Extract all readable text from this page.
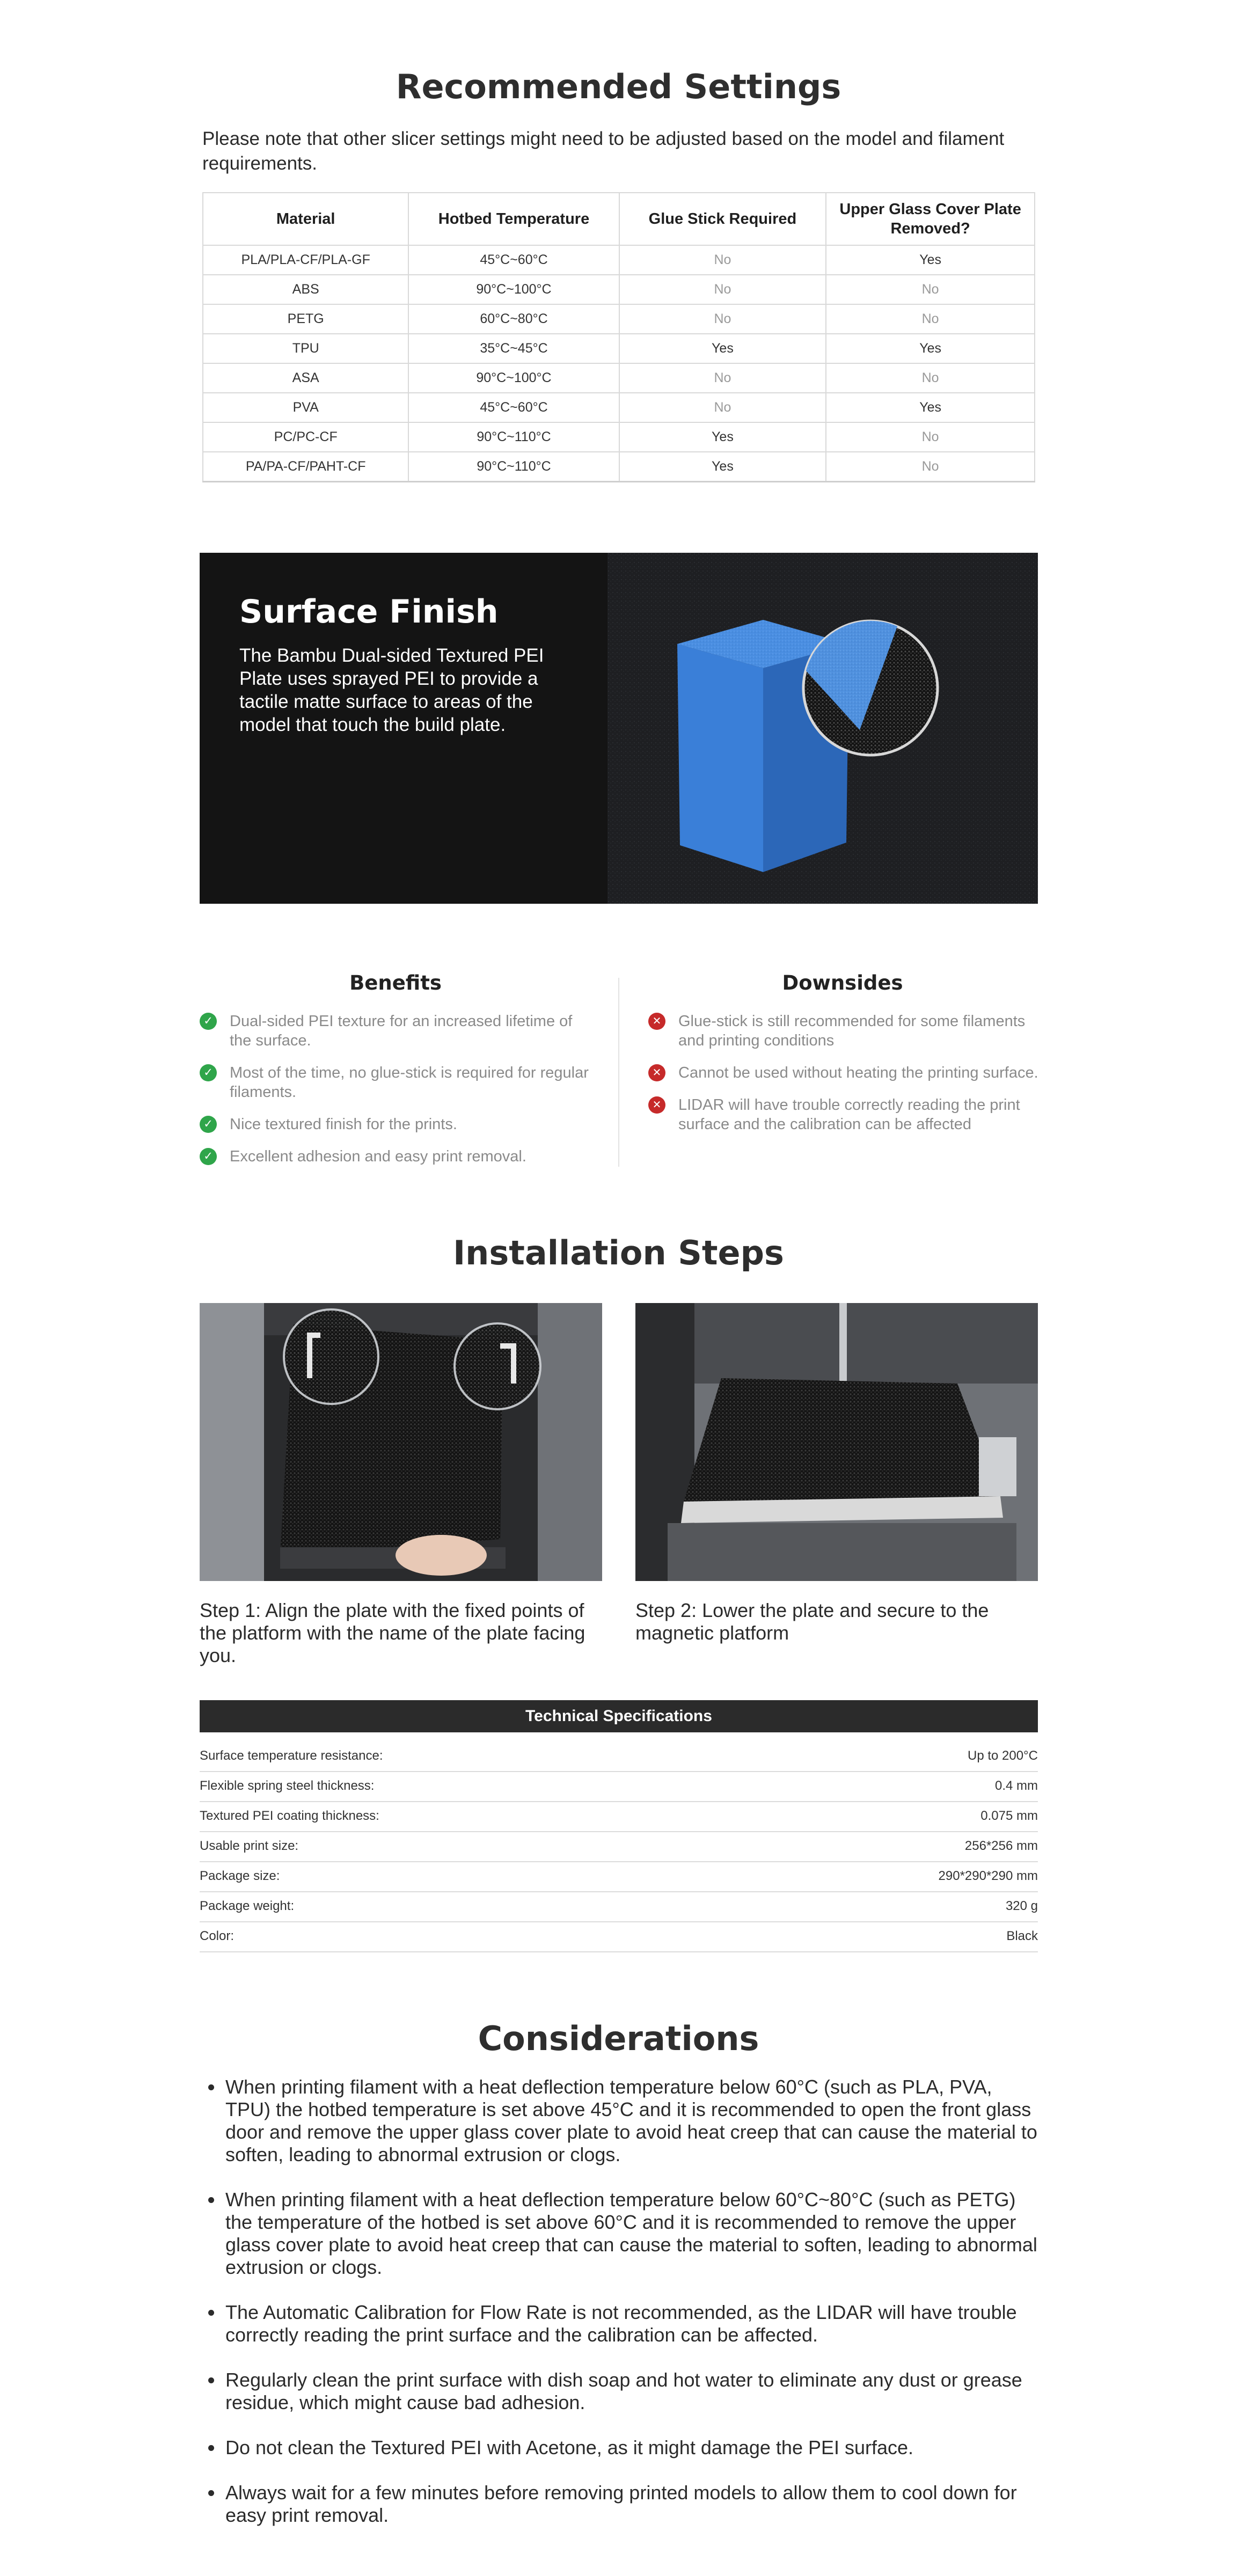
Recommended Settings
Please note that other slicer settings might need to be adjusted based on the model and filament requirements.
Material	Hotbed Temperature	Glue Stick Required	Upper Glass Cover Plate Removed?
PLA/PLA-CF/PLA-GF	45°C~60°C	No	Yes
ABS	90°C~100°C	No	No
PETG	60°C~80°C	No	No
TPU	35°C~45°C	Yes	Yes
ASA	90°C~100°C	No	No
PVA	45°C~60°C	No	Yes
PC/PC-CF	90°C~110°C	Yes	No
PA/PA-CF/PAHT-CF	90°C~110°C	Yes	No
Surface Finish
The Bambu Dual-sided Textured PEI Plate uses sprayed PEI to provide a tactile matte surface to areas of the model that touch the build plate.
Benefits	Downsides
✓ Dual-sided PEI texture for an increased lifetime of the surface.
✓ Most of the time, no glue-stick is required for regular filaments.
✓ Nice textured finish for the prints.
✓ Excellent adhesion and easy print removal.
✕ Glue-stick is still recommended for some filaments and printing conditions
✕ Cannot be used without heating the printing surface.
✕ LIDAR will have trouble correctly reading the print surface and the calibration can be affected
Installation Steps
Step 1: Align the plate with the fixed points of the platform with the name of the plate facing you.
Step 2: Lower the plate and secure to the magnetic platform
Technical Specifications
Surface temperature resistance:	Up to 200°C
Flexible spring steel thickness:	0.4 mm
Textured PEI coating thickness:	0.075 mm
Usable print size:	256*256 mm
Package size:	290*290*290 mm
Package weight:	320 g
Color:	Black
Considerations
When printing filament with a heat deflection temperature below 60°C (such as PLA, PVA, TPU) the hotbed temperature is set above 45°C and it is recommended to open the front glass door and remove the upper glass cover plate to avoid heat creep that can cause the material to soften, leading to abnormal extrusion or clogs.
When printing filament with a heat deflection temperature below 60°C~80°C (such as PETG) the temperature of the hotbed is set above 60°C and it is recommended to remove the upper glass cover plate to avoid heat creep that can cause the material to soften, leading to abnormal extrusion or clogs.
The Automatic Calibration for Flow Rate is not recommended, as the LIDAR will have trouble correctly reading the print surface and the calibration can be affected.
Regularly clean the print surface with dish soap and hot water to eliminate any dust or grease residue, which might cause bad adhesion.
Do not clean the Textured PEI with Acetone, as it might damage the PEI surface.
Always wait for a few minutes before removing printed models to allow them to cool down for easy print removal.
